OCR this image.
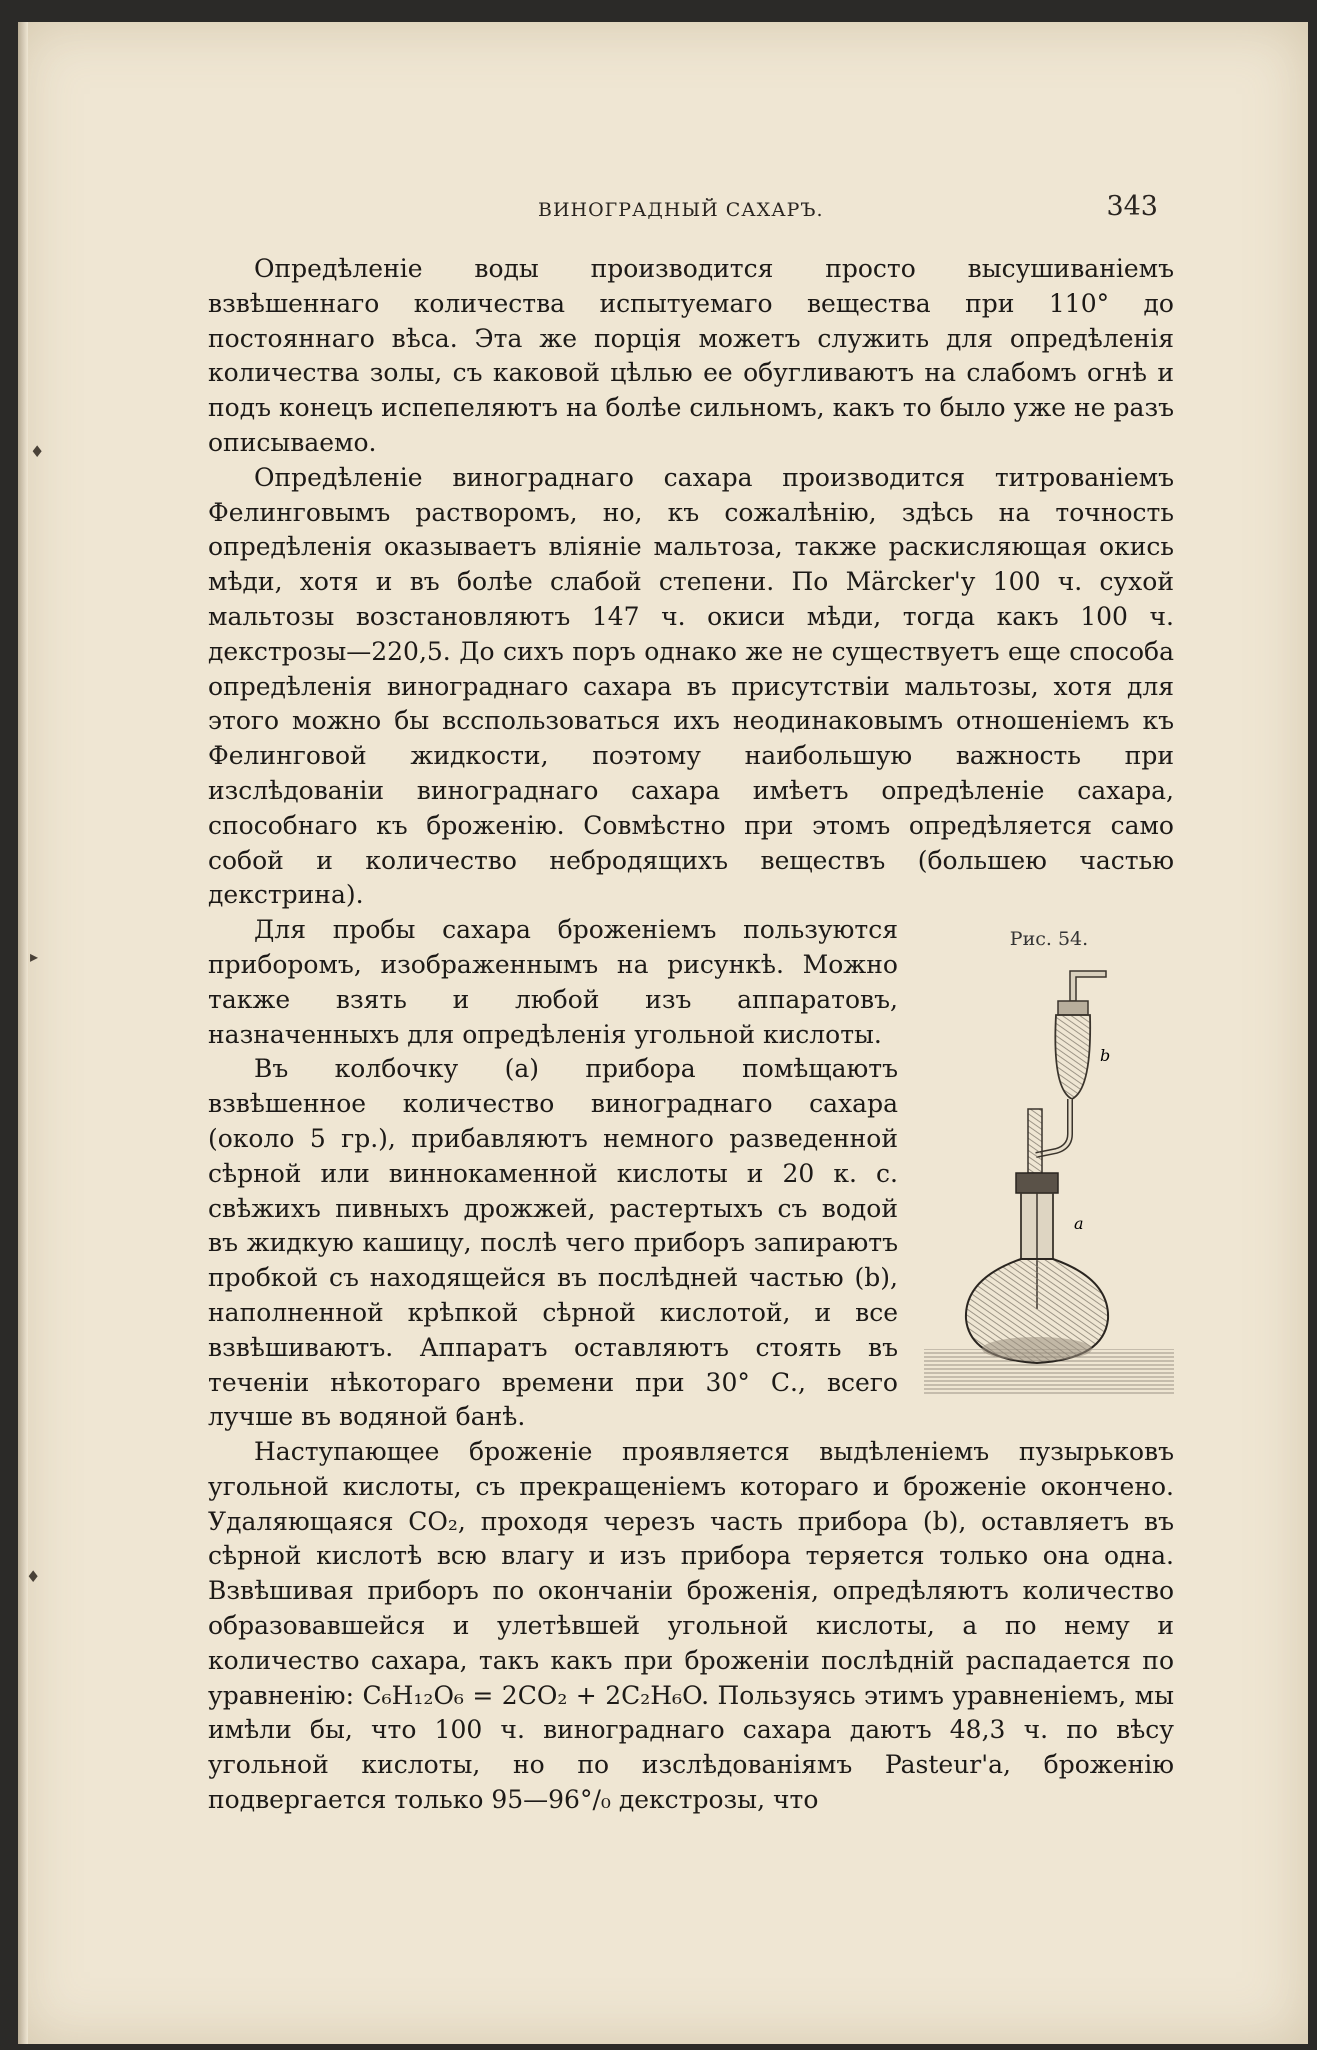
♦
▸
♦
ВИНОГРАДНЫЙ САХАРЪ.	343

Опредѣленіе воды производится просто высушиваніемъ взвѣшеннаго количества испытуемаго вещества при 110° до постояннаго вѣса. Эта же порція можетъ служить для опредѣленія количества золы, съ каковой цѣлью ее обугливаютъ на слабомъ огнѣ и подъ конецъ испепеляютъ на болѣе сильномъ, какъ то было уже не разъ описываемо.

Опредѣленіе винограднаго сахара производится титрованіемъ Фелинговымъ растворомъ, но, къ сожалѣнію, здѣсь на точность опредѣленія оказываетъ вліяніе мальтоза, также раскисляющая окись мѣди, хотя и въ болѣе слабой степени. По Märcker'у 100 ч. сухой мальтозы возстановляютъ 147 ч. окиси мѣди, тогда какъ 100 ч. декстрозы—220,5. До сихъ поръ однако же не существуетъ еще способа опредѣленія винограднаго сахара въ присутствіи мальтозы, хотя для этого можно бы всспользоваться ихъ неодинаковымъ отношеніемъ къ Фелинговой жидкости, поэтому наибольшую важность при изслѣдованіи винограднаго сахара имѣетъ опредѣленіе сахара, способнаго къ броженію. Совмѣстно при этомъ опредѣляется само собой и количество небродящихъ веществъ (большею частью декстрина).

Рис. 54.
b
a

Для пробы сахара броженіемъ пользуются приборомъ, изображеннымъ на рисункѣ. Можно также взять и любой изъ аппаратовъ, назначенныхъ для опредѣленія угольной кислоты.

Въ колбочку (a) прибора помѣщаютъ взвѣшенное количество винограднаго сахара (около 5 гр.), прибавляютъ немного разведенной сѣрной или виннокаменной кислоты и 20 к. с. свѣжихъ пивныхъ дрожжей, растертыхъ съ водой въ жидкую кашицу, послѣ чего приборъ запираютъ пробкой съ находящейся въ послѣдней частью (b), наполненной крѣпкой сѣрной кислотой, и все взвѣшиваютъ. Аппаратъ оставляютъ стоять въ теченіи нѣкотораго времени при 30° С., всего лучше въ водяной банѣ.

Наступающее броженіе проявляется выдѣленіемъ пузырьковъ угольной кислоты, съ прекращеніемъ котораго и броженіе окончено. Удаляющаяся CO₂, проходя черезъ часть прибора (b), оставляетъ въ сѣрной кислотѣ всю влагу и изъ прибора теряется только она одна. Взвѣшивая приборъ по окончаніи броженія, опредѣляютъ количество образовавшейся и улетѣвшей угольной кислоты, а по нему и количество сахара, такъ какъ при броженіи послѣдній распадается по уравненію: C₆H₁₂O₆ = 2CO₂ + 2C₂H₆O. Пользуясь этимъ уравненіемъ, мы имѣли бы, что 100 ч. винограднаго сахара даютъ 48,3 ч. по вѣсу угольной кислоты, но по изслѣдованіямъ Pasteur'а, броженію подвергается только 95—96°/₀ декстрозы, что
